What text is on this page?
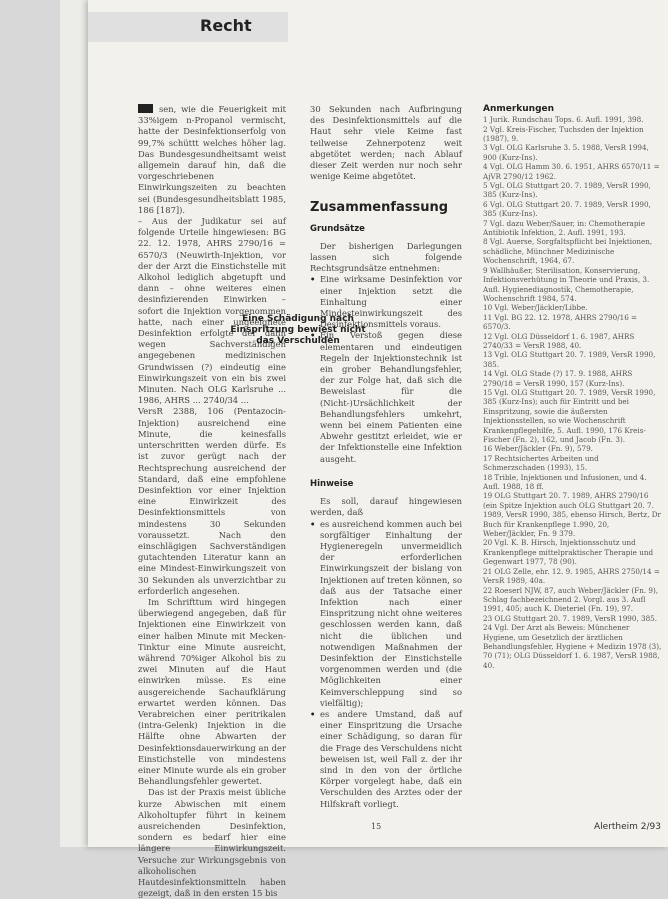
Recht

sen, wie die Feuerigkeit mit 33%igem n-Propanol vermischt, hatte der Desinfektionserfolg von 99,7% schüttt welches höher lag. Das Bundesgesundheitsamt weist allgemein darauf hin, daß die vorgeschriebenen Einwirkungszeiten zu beachten sei (Bundesgesundheitsblatt 1985, 186 [187]).

– Aus der Judikatur sei auf folgende Urteile hingewiesen: BG 22. 12. 1978, AHRS 2790/16 = 6570/3 (Neuwirth-Injektion, vor der der Arzt die Einstichstelle mit Alkohol lediglich abgetupft und dann – ohne weiteres einen desinfizierenden Einwirken – sofort die Injektion vorgenommen hatte, nach einer ungeeignete Desinfektion erfolgte der dann wegen Sachverständigen angegebenen medizinischen Grundwissen (?) eindeutig eine Einwirkungszeit von ein bis zwei Minuten. Nach OLG Karlsruhe ... 1986, AHRS ... 2740/34 ...

VersR 2388, 106 (Pentazocin-Injektion) ausreichend eine Minute, die keinesfalls unterschritten werden dürfe. Es ist zuvor gerügt nach der Rechtsprechung ausreichend der Standard, daß eine empfohlene Desinfektion vor einer Injektion eine Einwirkzeit des Desinfektionsmittels von mindestens 30 Sekunden voraussetzt. Nach den einschlägigen Sachverständigen gutachtenden Literatur kann an eine Mindest-Einwirkungszeit von 30 Sekunden als unverzichtbar zu erforderlich angesehen.

Im Schrifttum wird hingegen überwiegend angegeben, daß für Injektionen eine Einwirkzeit von einer halben Minute mit Mecken-Tinktur eine Minute ausreicht, während 70%iger Alkohol bis zu zwei Minuten auf die Haut einwirken müsse. Es eine ausgereichende Sachaufklärung erwartet werden können. Das Verabreichen einer peritrikalen (intra-Gelenk) Injektion in die Hälfte ohne Abwarten der Desinfektionsdauerwirkung an der Einstichstelle von mindestens einer Minute wurde als ein grober Behandlungsfehler gewertet.

Das ist der Praxis meist übliche kurze Abwischen mit einem Alkoholtupfer führt in keinem ausreichenden Desinfektion, sondern es bedarf hier eine längere Einwirkungszeit. Versuche zur Wirkungsgebnis von alkoholischen Hautdesinfektionsmitteln haben gezeigt, daß in den ersten 15 bis

30 Sekunden nach Aufbringung des Desinfektionsmittels auf die Haut sehr viele Keime fast teilweise Zehnerpotenz weit abgetötet werden; nach Ablauf dieser Zeit werden nur noch sehr wenige Keime abgetötet.

Zusammenfassung
Grundsätze

Der bisherigen Darlegungen lassen sich folgende Rechtsgrundsätze entnehmen:

• Eine wirksame Desinfektion vor einer Injektion setzt die Einhaltung einer Mindesteinwirkungszeit des Desinfektionsmittels voraus.

• Ein Verstoß gegen diese elementaren und eindeutigen Regeln der Injektionstechnik ist ein grober Behandlungsfehler, der zur Folge hat, daß sich die Beweislast für die (Nicht-)Ursächlichkeit der Behandlungsfehlers umkehrt, wenn bei einem Patienten eine Abwehr gestitzt erleidet, wie er der Infektionstelle eine Infektion ausgeht.

Hinweise

Es soll, darauf hingewiesen werden, daß

• es ausreichend kommen auch bei sorgfältiger Einhaltung der Hygieneregeln unvermeidlich der erforderlichen Einwirkungszeit der bislang von Injektionen auf treten können, so daß aus der Tatsache einer Infektion nach einer Einspritzung nicht ohne weiteres geschlossen werden kann, daß nicht die üblichen und notwendigen Maßnahmen der Desinfektion der Einstichstelle vorgenommen werden und (die Möglichkeiten einer Keimverschleppung sind so vielfältig);

• es andere Umstand, daß auf einer Einspritzung die Ursache einer Schädigung, so daran für die Frage des Verschuldens nicht beweisen ist, weil Fall z. der ihr sind in den von der örtliche Körper vorgelegt habe, daß ein Verschulden des Arztes oder der Hilfskraft vorliegt.

Eine Schädigung nach Einspritzung bewiest nicht das Verschulden

Anmerkungen

1 Jurik. Rundschau Tops. 6. Aufl. 1991, 398.

2 Vgl. Kreis-Fischer, Tuchsden der Injektion (1987), 9.

3 Vgl. OLG Karlsruhe 3. 5. 1988, VersR 1994, 900 (Kurz-Ins).

4 Vgl. OLG Hamm 30. 6. 1951, AHRS 6570/11 = AjVR 2790/12 1962.

5 Vgl. OLG Stuttgart 20. 7. 1989, VersR 1990, 385 (Kurz-Ins).

6 Vgl. OLG Stuttgart 20. 7. 1989, VersR 1990, 385 (Kurz-Ins).

7 Vgl. dazu Weber/Sauer, in: Chemotherapie Antibiotik Infektion, 2. Aufl. 1991, 193.

8 Vgl. Auerse, Sorgfaltspflicht bei Injektionen, schädliche, Münchner Medizinische Wochenschrift, 1964, 67.

9 Wallhäußer, Sterilisation, Konservierung, Infektionsverhütung in Theorie und Praxis, 3. Aufl. Hygienediagnostik, Chemotherapie, Wochenschrift 1984, 574.

10 Vgl. Weber/Jäckler/Libbe.

11 Vgl. BG 22. 12. 1978, AHRS 2790/16 = 6570/3.

12 Vgl. OLG Düsseldorf 1. 6. 1987, AHRS 2740/33 = VersR 1988, 40.

13 Vgl. OLG Stuttgart 20. 7. 1989, VersR 1990, 385.

14 Vgl. OLG Stade (?) 17. 9. 1988, AHRS 2790/18 = VersR 1990, 157 (Kurz-Ins).

15 Vgl. OLG Stuttgart 20. 7. 1989, VersR 1990, 385 (Kurz-Ins); auch für Eintritt und bei Einspritzung, sowie die äußersten Injektionsstellen, so wie Wochenschrift Krankenpflegehilfe, 5. Aufl. 1990, 176 Kreis-Fischer (Fn. 2), 162, und Jacob (Fn. 3).

16 Weber/Jäckler (Fn. 9), 579.

17 Rechtsichertes Arbeiten und Schmerzschaden (1993), 15.

18 Trible, Injektionen und Infusionen, und 4. Aufl. 1988, 18 ff.

19 OLG Stuttgart 20. 7. 1989, AHRS 2790/16 (ein Spitze Injektion auch OLG Stuttgart 20. 7. 1989, VersR 1990, 385, ebenso Hirsch, Bertz, Dr Buch für Krankenpflege 1.990, 20, Weber/Jäckler, Fn. 9 379.

20 Vgl. K. B. Hirsch, Injektionsschutz und Krankenpflege mittelpraktischer Therapie und Gegenwart 1977, 78 (90).

21 OLG Zelle, ehr. 12. 9. 1985, AHRS 2750/14 = VersR 1989, 40a.

22 Roeserl NJW, 87, auch Weber/Jäckler (Fn. 9), Schlag fachbezeichnend 2. Vorgl. aus 3. Aufl 1991, 405; auch K. Dieteriel (Fn. 19), 97.

23 OLG Stuttgart 20. 7. 1989, VersR 1990, 385.

24 Vgl. Der Arzt als Beweis: Münchener Hygiene, um Gesetzlich der ärztlichen Behandlungsfehler, Hygiene + Medizin 1978 (3), 70 (71); OLG Düsseldorf 1. 6. 1987, VersR 1988, 40.

15	Alertheim 2/93
